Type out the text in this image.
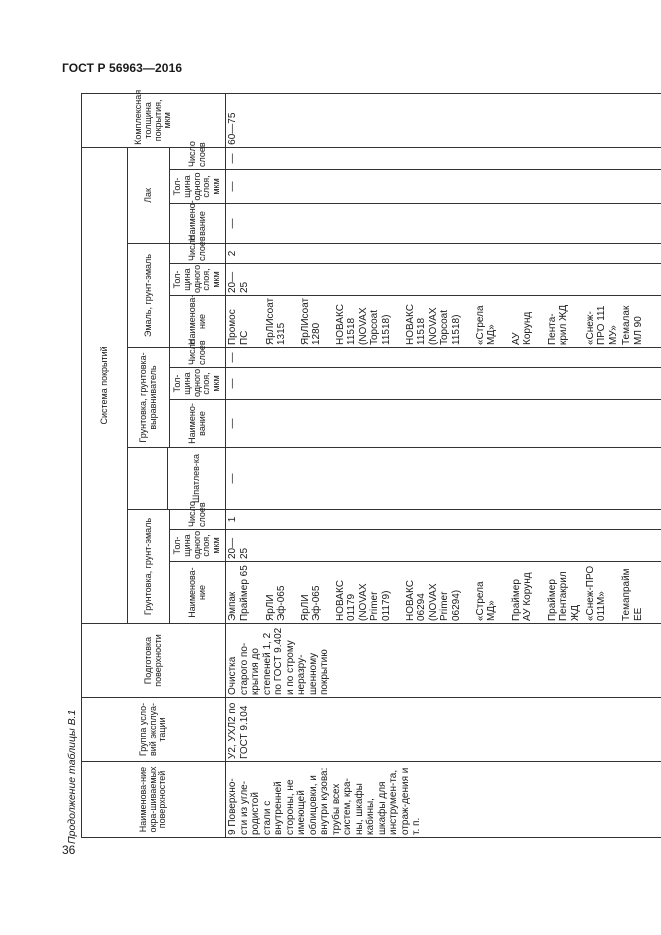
ГОСТ Р 56963—2016
36
Продолжение таблицы В.1	Наименова-ние окра-шиваемых поверхностей	Группа усло-вий эксплуа-тации	Подготовка поверхности	Система покрытий													Комплексная толщина покрытия, мкм
			Грунтовка, грунт-эмаль				Грунтовка, грунтовка-выравниватель			Эмаль, грунт-эмаль			Лак			
						Шпатлев-ка										
			Наименова-ние	Тол-щина одного слоя, мкм	Число слоев		Наимено-вание	Тол-щина одного слоя, мкм	Число слоев	Наименова-ние	Тол-щина одного слоя, мкм	Число слоев	Наимено-вание	Тол-щина одного слоя, мкм	Число слоев	
9 Поверхно-сти из угле-родистой стали с внутренней стороны, не имеющей облицовки, и внутри кузова: трубы всех систем, кра-ны, шкафы кабины, шкафы для инструмен-та, отраж-дения и т. п.	У2, УХЛ2 по ГОСТ 9.104	Очистка старого по-крытия до степеней 1, 2 по ГОСТ 9.402 и по строму неразру-шенному покрытию	Эмпак Праймер 65	20—25	1	—	—	—	—	Промос ПС	20—25	2	—	—	—	60—75
			ЯрЛИ Эф-065							ЯрЛИсоат 1315						
			ЯрЛИ Эф-065							ЯрЛИсоат 1280						
			НОВАКС 01179 (NOVAX Primer 01179)							НОВАКС 11518 (NOVAX Topcoat 11518)						
			НОВАКС 06294 (NOVAX Primer 06294)							НОВАКС 11518 (NOVAX Topcoat 11518)						
			«Стрела МД»							«Стрела МД»						
			Праймер АУ Корунд							АУ Корунд						
			Праймер Пентакрил ЖД							Пента-крил ЖД						
			«Снеж-ПРО 011М»							«Снеж-ПРО 111 МУ»						
			Темапрайм ЕЕ							Темалак МЛ 90						
